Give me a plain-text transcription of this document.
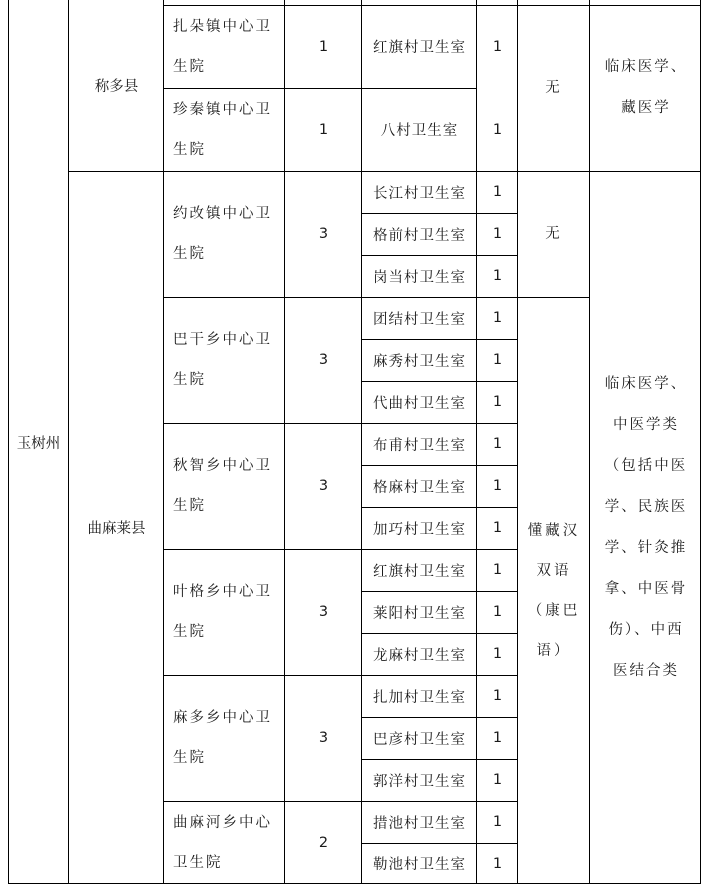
玉树州
称多县
曲麻莱县
扎朵镇中心卫生院
珍秦镇中心卫生院
约改镇中心卫生院
巴干乡中心卫生院
秋智乡中心卫生院
叶格乡中心卫生院
麻多乡中心卫生院
曲麻河乡中心卫生院
1
1
3
3
3
3
3
2
红旗村卫生室
八村卫生室
长江村卫生室
格前村卫生室
岗当村卫生室
团结村卫生室
麻秀村卫生室
代曲村卫生室
布甫村卫生室
格麻村卫生室
加巧村卫生室
红旗村卫生室
莱阳村卫生室
龙麻村卫生室
扎加村卫生室
巴彦村卫生室
郭洋村卫生室
措池村卫生室
勒池村卫生室
1
1
1
1
1
1
1
1
1
1
1
1
1
1
1
1
1
1
1
无
无
懂藏汉双语（康巴语）
临床医学、藏医学
临床医学、中医学类（包括中医学、民族医学、针灸推拿、中医骨伤）、中西医结合类
